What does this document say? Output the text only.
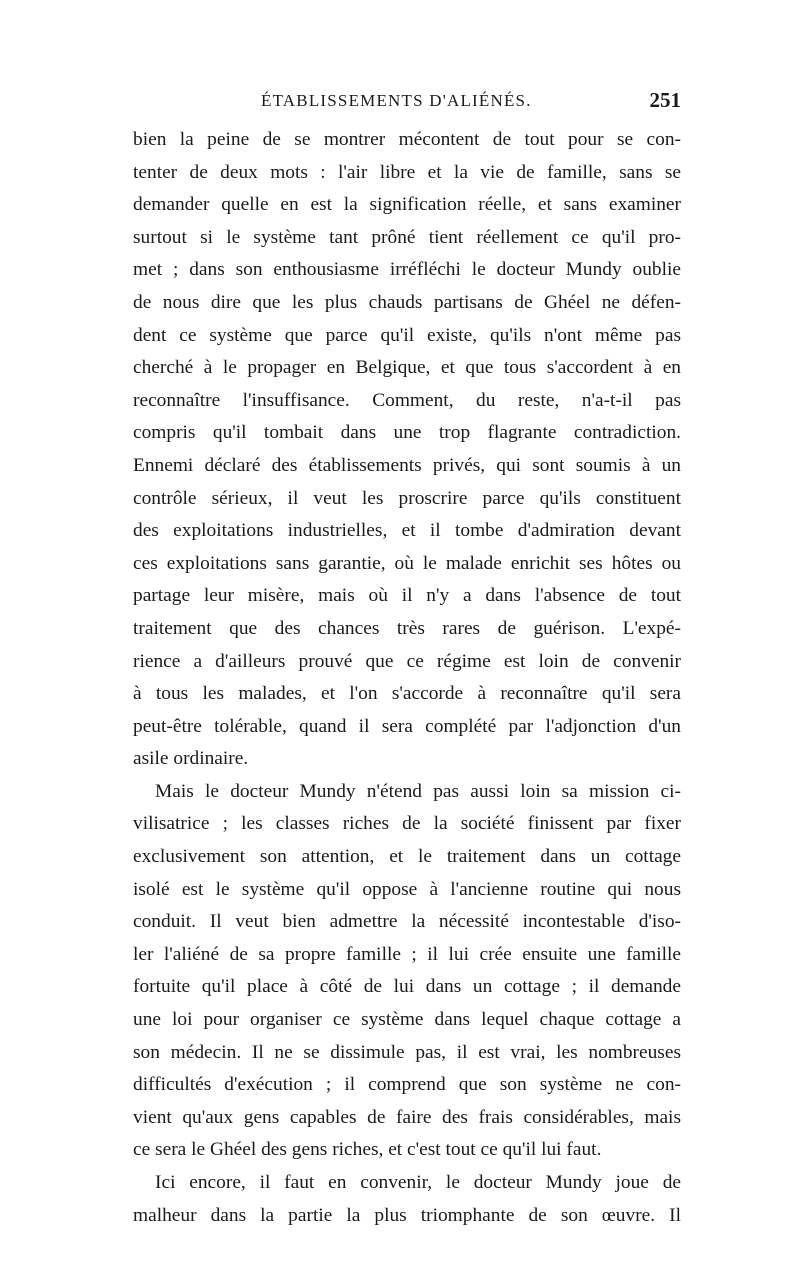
ÉTABLISSEMENTS D'ALIÉNÉS.	251
bien la peine de se montrer mécontent de tout pour se con-
tenter de deux mots : l'air libre et la vie de famille, sans se
demander quelle en est la signification réelle, et sans examiner
surtout si le système tant prôné tient réellement ce qu'il pro-
met ; dans son enthousiasme irréfléchi le docteur Mundy oublie
de nous dire que les plus chauds partisans de Ghéel ne défen-
dent ce système que parce qu'il existe, qu'ils n'ont même pas
cherché à le propager en Belgique, et que tous s'accordent à en
reconnaître l'insuffisance. Comment, du reste, n'a-t-il pas
compris qu'il tombait dans une trop flagrante contradiction.
Ennemi déclaré des établissements privés, qui sont soumis à un
contrôle sérieux, il veut les proscrire parce qu'ils constituent
des exploitations industrielles, et il tombe d'admiration devant
ces exploitations sans garantie, où le malade enrichit ses hôtes ou
partage leur misère, mais où il n'y a dans l'absence de tout
traitement que des chances très rares de guérison. L'expé-
rience a d'ailleurs prouvé que ce régime est loin de convenir
à tous les malades, et l'on s'accorde à reconnaître qu'il sera
peut-être tolérable, quand il sera complété par l'adjonction d'un
asile ordinaire.
Mais le docteur Mundy n'étend pas aussi loin sa mission ci-
vilisatrice ; les classes riches de la société finissent par fixer
exclusivement son attention, et le traitement dans un cottage
isolé est le système qu'il oppose à l'ancienne routine qui nous
conduit. Il veut bien admettre la nécessité incontestable d'iso-
ler l'aliéné de sa propre famille ; il lui crée ensuite une famille
fortuite qu'il place à côté de lui dans un cottage ; il demande
une loi pour organiser ce système dans lequel chaque cottage a
son médecin. Il ne se dissimule pas, il est vrai, les nombreuses
difficultés d'exécution ; il comprend que son système ne con-
vient qu'aux gens capables de faire des frais considérables, mais
ce sera le Ghéel des gens riches, et c'est tout ce qu'il lui faut.
Ici encore, il faut en convenir, le docteur Mundy joue de
malheur dans la partie la plus triomphante de son œuvre. Il
